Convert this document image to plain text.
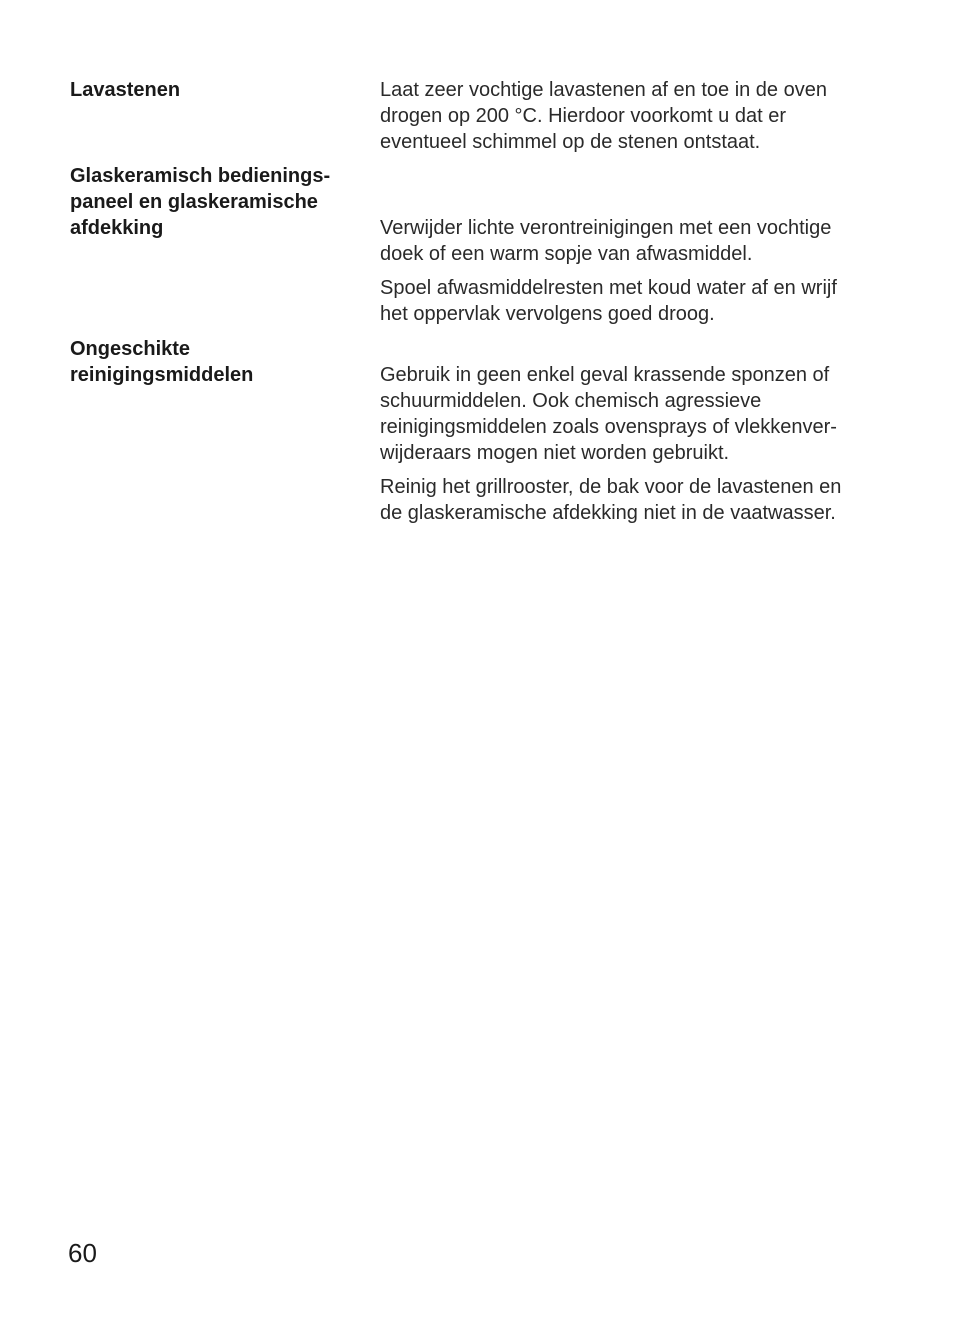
Lavastenen	Laat zeer vochtige lavastenen af en toe in de oven
drogen op 200 °C. Hierdoor voorkomt u dat er
eventueel schimmel op de stenen ontstaat.

Glaskeramisch bedienings-
paneel en glaskeramische
afdekking	Verwijder lichte verontreinigingen met een vochtige
doek of een warm sopje van afwasmiddel.

Spoel afwasmiddelresten met koud water af en wrijf
het oppervlak vervolgens goed droog.

Ongeschikte
reinigingsmiddelen	Gebruik in geen enkel geval krassende sponzen of
schuurmiddelen. Ook chemisch agressieve
reinigingsmiddelen zoals ovensprays of vlekkenver-
wijderaars mogen niet worden gebruikt.

Reinig het grillrooster, de bak voor de lavastenen en
de glaskeramische afdekking niet in de vaatwasser.

60
